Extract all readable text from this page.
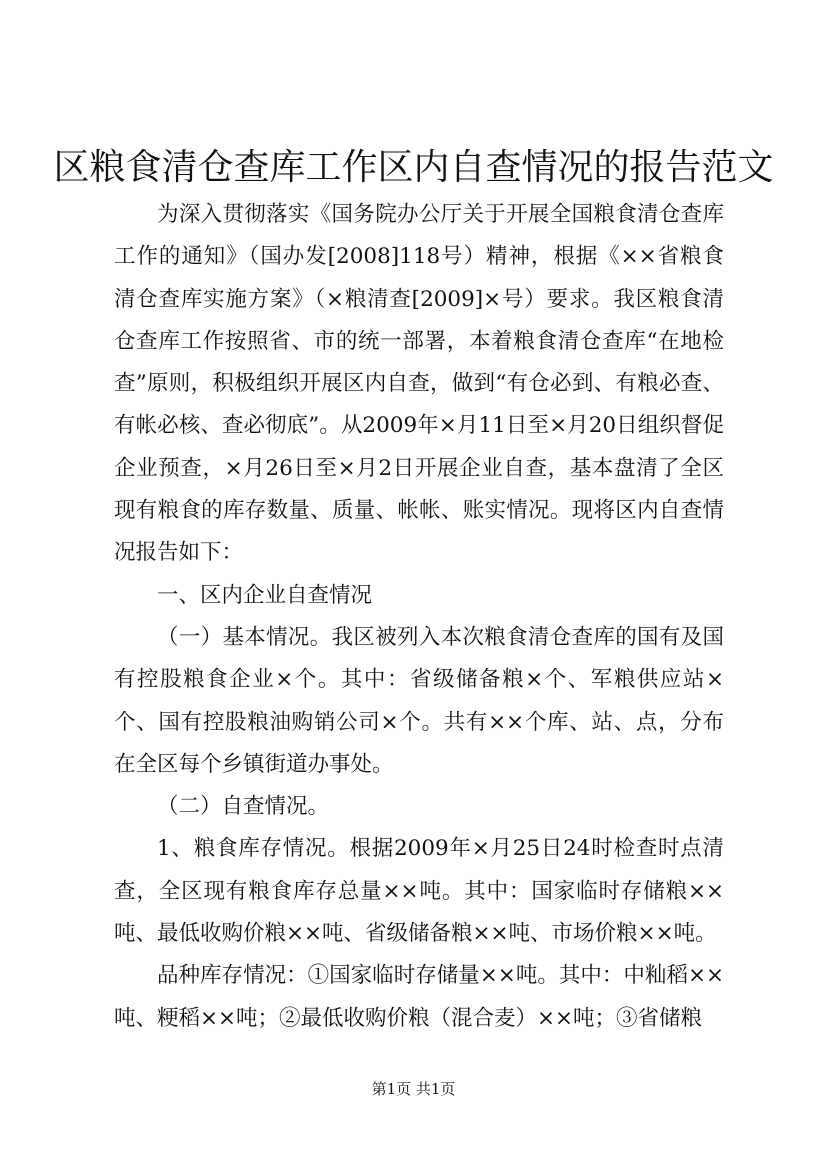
区粮食清仓查库工作区内自查情况的报告范文

为深入贯彻落实《国务院办公厅关于开展全国粮食清仓查库工作的通知》（国办发[2008]118号）精神，根据《××省粮食清仓查库实施方案》（×粮清查[2009]×号）要求。我区粮食清仓查库工作按照省、市的统一部署，本着粮食清仓查库“在地检查”原则，积极组织开展区内自查，做到“有仓必到、有粮必查、有帐必核、查必彻底”。从2009年×月11日至×月20日组织督促企业预查，×月26日至×月2日开展企业自查，基本盘清了全区现有粮食的库存数量、质量、帐帐、账实情况。现将区内自查情况报告如下：

一、区内企业自查情况

（一）基本情况。我区被列入本次粮食清仓查库的国有及国有控股粮食企业×个。其中：省级储备粮×个、军粮供应站×个、国有控股粮油购销公司×个。共有××个库、站、点，分布在全区每个乡镇街道办事处。

（二）自查情况。

1、粮食库存情况。根据2009年×月25日24时检查时点清查，全区现有粮食库存总量××吨。其中：国家临时存储粮××吨、最低收购价粮××吨、省级储备粮××吨、市场价粮××吨。

品种库存情况：①国家临时存储量××吨。其中：中籼稻××吨、粳稻××吨；②最低收购价粮（混合麦）××吨；③省储粮

第1页 共1页
